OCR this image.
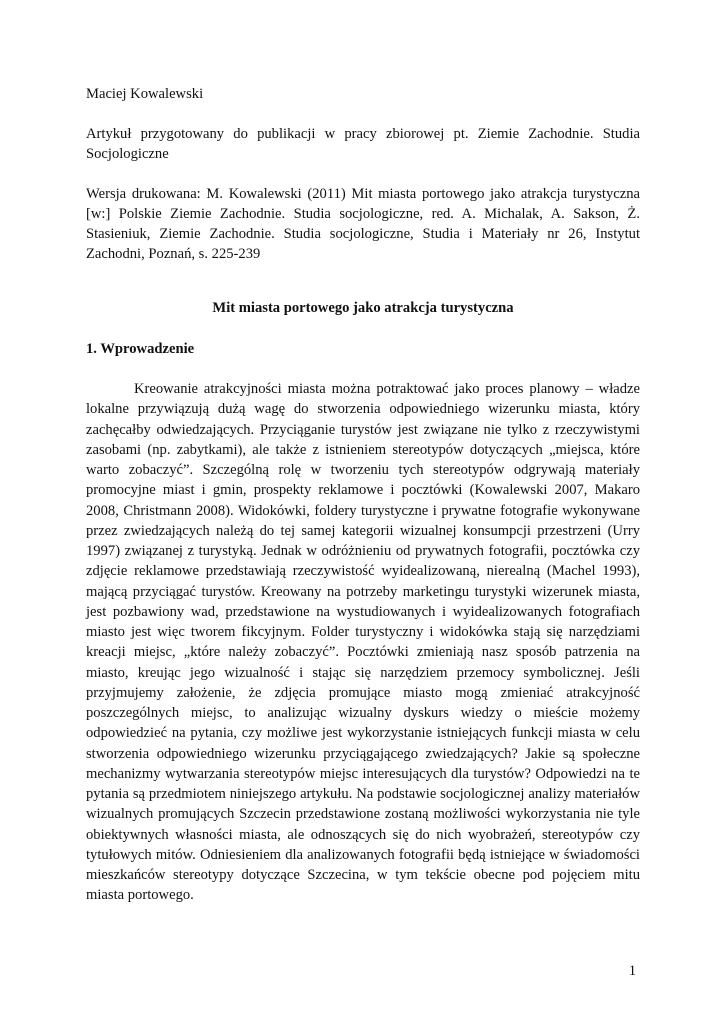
Maciej Kowalewski

Artykuł przygotowany do publikacji w pracy zbiorowej pt. Ziemie Zachodnie. Studia Socjologiczne

Wersja drukowana: M. Kowalewski (2011) Mit miasta portowego jako atrakcja turystyczna [w:] Polskie Ziemie Zachodnie. Studia socjologiczne, red. A. Michalak, A. Sakson, Ż. Stasieniuk, Ziemie Zachodnie. Studia socjologiczne, Studia i Materiały nr 26, Instytut Zachodni, Poznań, s. 225-239

Mit miasta portowego jako atrakcja turystyczna
1. Wprowadzenie

Kreowanie atrakcyjności miasta można potraktować jako proces planowy – władze lokalne przywiązują dużą wagę do stworzenia odpowiedniego wizerunku miasta, który zachęcałby odwiedzających. Przyciąganie turystów jest związane nie tylko z rzeczywistymi zasobami (np. zabytkami), ale także z istnieniem stereotypów dotyczących „miejsca, które warto zobaczyć”. Szczególną rolę w tworzeniu tych stereotypów odgrywają materiały promocyjne miast i gmin, prospekty reklamowe i pocztówki (Kowalewski 2007, Makaro 2008, Christmann 2008). Widokówki, foldery turystyczne i prywatne fotografie wykonywane przez zwiedzających należą do tej samej kategorii wizualnej konsumpcji przestrzeni (Urry 1997) związanej z turystyką. Jednak w odróżnieniu od prywatnych fotografii, pocztówka czy zdjęcie reklamowe przedstawiają rzeczywistość wyidealizowaną, nierealną (Machel 1993), mającą przyciągać turystów. Kreowany na potrzeby marketingu turystyki wizerunek miasta, jest pozbawiony wad, przedstawione na wystudiowanych i wyidealizowanych fotografiach miasto jest więc tworem fikcyjnym. Folder turystyczny i widokówka stają się narzędziami kreacji miejsc, „które należy zobaczyć”. Pocztówki zmieniają nasz sposób patrzenia na miasto, kreując jego wizualność i stając się narzędziem przemocy symbolicznej. Jeśli przyjmujemy założenie, że zdjęcia promujące miasto mogą zmieniać atrakcyjność poszczególnych miejsc, to analizując wizualny dyskurs wiedzy o mieście możemy odpowiedzieć na pytania, czy możliwe jest wykorzystanie istniejących funkcji miasta w celu stworzenia odpowiedniego wizerunku przyciągającego zwiedzających? Jakie są społeczne mechanizmy wytwarzania stereotypów miejsc interesujących dla turystów? Odpowiedzi na te pytania są przedmiotem niniejszego artykułu. Na podstawie socjologicznej analizy materiałów wizualnych promujących Szczecin przedstawione zostaną możliwości wykorzystania nie tyle obiektywnych własności miasta, ale odnoszących się do nich wyobrażeń, stereotypów czy tytułowych mitów. Odniesieniem dla analizowanych fotografii będą istniejące w świadomości mieszkańców stereotypy dotyczące Szczecina, w tym tekście obecne pod pojęciem mitu miasta portowego.

1
